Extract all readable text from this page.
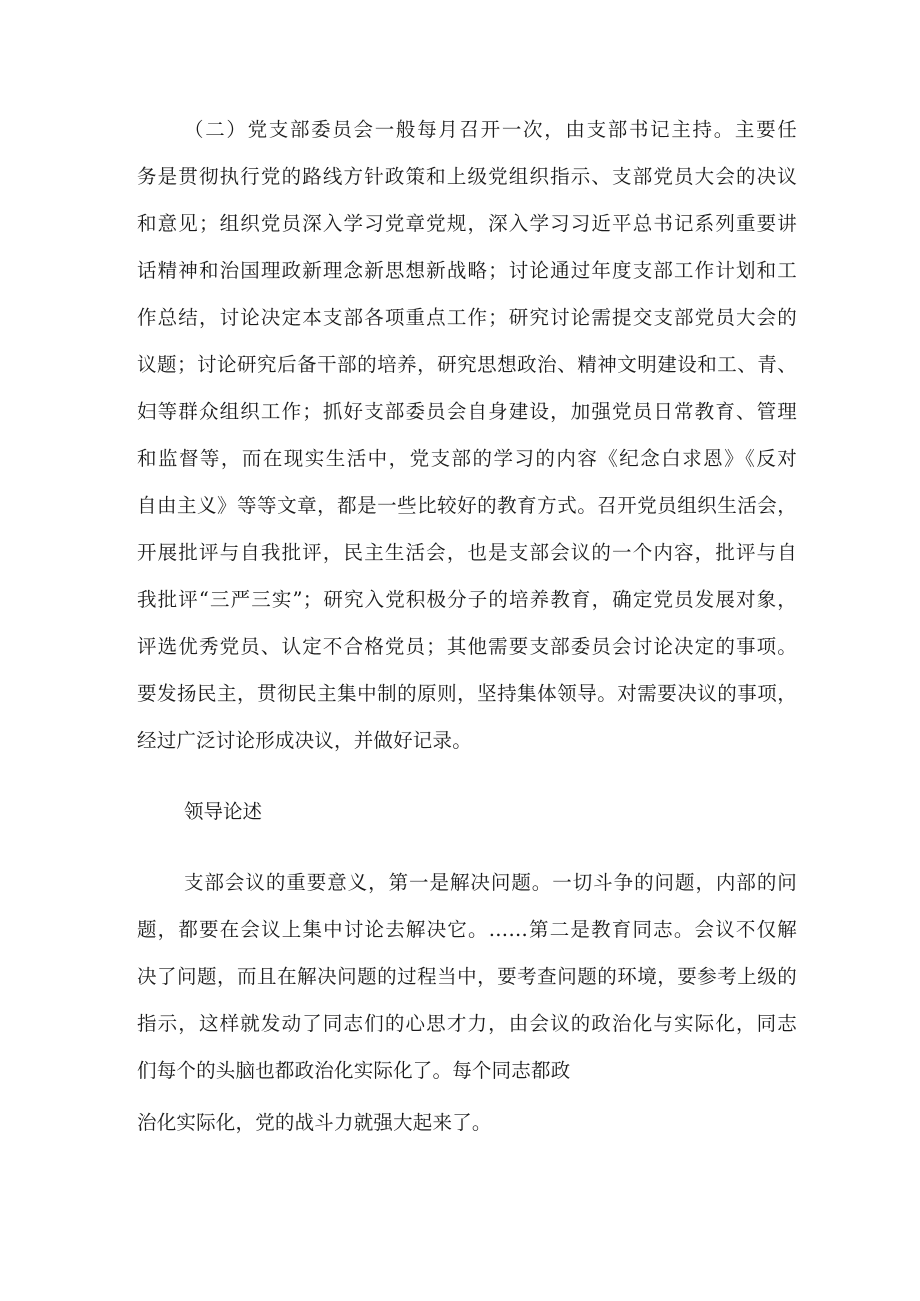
（二）党支部委员会一般每月召开一次，由支部书记主持。主要任
务是贯彻执行党的路线方针政策和上级党组织指示、支部党员大会的决议
和意见；组织党员深入学习党章党规，深入学习习近平总书记系列重要讲
话精神和治国理政新理念新思想新战略；讨论通过年度支部工作计划和工
作总结，讨论决定本支部各项重点工作；研究讨论需提交支部党员大会的
议题；讨论研究后备干部的培养，研究思想政治、精神文明建设和工、青、
妇等群众组织工作；抓好支部委员会自身建设，加强党员日常教育、管理
和监督等，而在现实生活中，党支部的学习的内容《纪念白求恩》《反对
自由主义》等等文章，都是一些比较好的教育方式。召开党员组织生活会，
开展批评与自我批评，民主生活会，也是支部会议的一个内容，批评与自
我批评“三严三实”；研究入党积极分子的培养教育，确定党员发展对象，
评选优秀党员、认定不合格党员；其他需要支部委员会讨论决定的事项。
要发扬民主，贯彻民主集中制的原则，坚持集体领导。对需要决议的事项，
经过广泛讨论形成决议，并做好记录。
领导论述
支部会议的重要意义，第一是解决问题。一切斗争的问题，内部的问
题，都要在会议上集中讨论去解决它。……第二是教育同志。会议不仅解
决了问题，而且在解决问题的过程当中，要考查问题的环境，要参考上级的
指示，这样就发动了同志们的心思才力，由会议的政治化与实际化，同志
们每个的头脑也都政治化实际化了。每个同志都政
治化实际化，党的战斗力就强大起来了。
